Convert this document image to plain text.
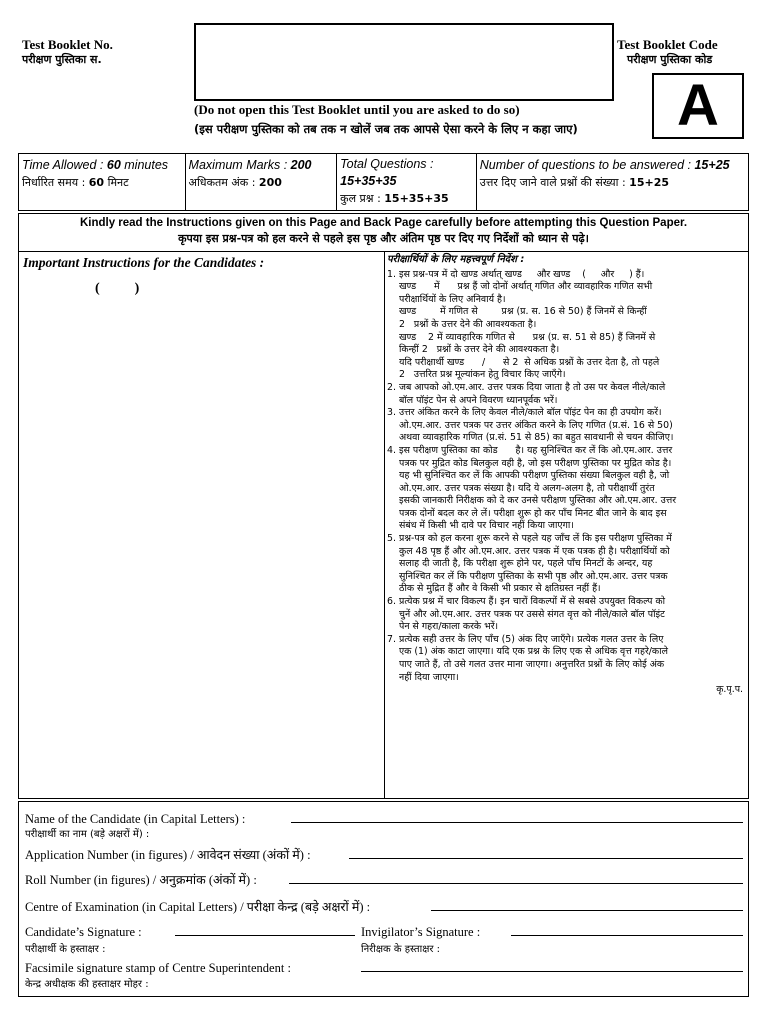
Test Booklet No.
परीक्षण पुस्तिका स.
Test Booklet Code
परीक्षण पुस्तिका कोड
A
(Do not open this Test Booklet until you are asked to do so)
(इस परीक्षण पुस्तिका को तब तक न खोलें जब तक आपसे ऐसा करने के लिए न कहा जाए)
Time Allowed : 60 minutes
निर्धारित समय : 60 मिनट
Maximum Marks : 200
अधिकतम अंक : 200
Total Questions :
15+35+35
कुल प्रश्न : 15+35+35
Number of questions to be answered : 15+25
उत्तर दिए जाने वाले प्रश्नों की संख्या : 15+25
Kindly read the Instructions given on this Page and Back Page carefully before attempting this Question Paper.
कृपया इस प्रश्न-पत्र को हल करने से पहले इस पृष्ठ और अंतिम पृष्ठ पर दिए गए निर्देशों को ध्यान से पढ़े।
Important Instructions for the Candidates :
(          )
परीक्षार्थियों के लिए महत्त्वपूर्ण निर्देश :
1. इस प्रश्न-पत्र में दो खण्ड अर्थात् खण्ड     और खण्ड    (     और     ) हैं।
खण्ड      में      प्रश्न हैं जो दोनों अर्थात् गणित और व्यावहारिक गणित सभी
परीक्षार्थियों के लिए अनिवार्य है।
खण्ड        में गणित से        प्रश्न (प्र. स. 16 से 50) हैं जिनमें से किन्हीं
2   प्रश्नों के उत्तर देने की आवश्यकता है।
खण्ड    2 में व्यावहारिक गणित से      प्रश्न (प्र. स. 51 से 85) हैं जिनमें से
किन्हीं 2   प्रश्नों के उत्तर देने की आवश्यकता है।
यदि परीक्षार्थी खण्ड      /      से 2  से अधिक प्रश्नों के उत्तर देता है, तो पहले
2   उत्तरित प्रश्न मूल्यांकन हेतु विचार किए जाएँगे।
2. जब आपको ओ.एम.आर. उत्तर पत्रक दिया जाता है तो उस पर केवल नीले/काले
बॉल पॉइंट पेन से अपने विवरण ध्यानपूर्वक भरें।
3. उत्तर अंकित करने के लिए केवल नीले/काले बॉल पॉइंट पेन का ही उपयोग करें।
ओ.एम.आर. उत्तर पत्रक पर उत्तर अंकित करने के लिए गणित (प्र.सं. 16 से 50)
अथवा व्यावहारिक गणित (प्र.सं. 51 से 85) का बहुत सावधानी से चयन कीजिए।
4. इस परीक्षण पुस्तिका का कोड      है। यह सुनिश्चित कर लें कि ओ.एम.आर. उत्तर
पत्रक पर मुद्रित कोड बिलकुल वही है, जो इस परीक्षण पुस्तिका पर मुद्रित कोड है।
यह भी सुनिश्चित कर लें कि आपकी परीक्षण पुस्तिका संख्या बिलकुल वही है, जो
ओ.एम.आर. उत्तर पत्रक संख्या है। यदि ये अलग-अलग है, तो परीक्षार्थी तुरंत
इसकी जानकारी निरीक्षक को दे कर उनसे परीक्षण पुस्तिका और ओ.एम.आर. उत्तर
पत्रक दोनों बदल कर ले लें। परीक्षा शुरू हो कर पाँच मिनट बीत जाने के बाद इस
संबंध में किसी भी दावे पर विचार नहीं किया जाएगा।
5. प्रश्न-पत्र को हल करना शुरू करने से पहले यह जाँच लें कि इस परीक्षण पुस्तिका में
कुल 48 पृष्ठ हैं और ओ.एम.आर. उत्तर पत्रक में एक पत्रक ही है। परीक्षार्थियों को
सलाह दी जाती है, कि परीक्षा शुरू होने पर, पहले पाँच मिनटों के अन्दर, यह
सुनिश्चित कर लें कि परीक्षण पुस्तिका के सभी पृष्ठ और ओ.एम.आर. उत्तर पत्रक
ठीक से मुद्रित हैं और वे किसी भी प्रकार से क्षतिग्रस्त नहीं हैं।
6. प्रत्येक प्रश्न में चार विकल्प हैं। इन चारों विकल्पों में से सबसे उपयुक्त विकल्प को
चुनें और ओ.एम.आर. उत्तर पत्रक पर उससे संगत वृत्त को नीले/काले बॉल पॉइंट
पेन से गहरा/काला करके भरें।
7. प्रत्येक सही उत्तर के लिए पाँच (5) अंक दिए जाएँगे। प्रत्येक गलत उत्तर के लिए
एक (1) अंक काटा जाएगा। यदि एक प्रश्न के लिए एक से अधिक वृत्त गहरे/काले
पाए जाते हैं, तो उसे गलत उत्तर माना जाएगा। अनुत्तरित प्रश्नों के लिए कोई अंक
नहीं दिया जाएगा।
कृ.पृ.प.
Name of the Candidate (in Capital Letters) :
परीक्षार्थी का नाम (बड़े अक्षरों में) :
Application Number (in figures) / आवेदन संख्या (अंकों में) :
Roll Number (in figures) / अनुक्रमांक (अंकों में) :
Centre of Examination (in Capital Letters) / परीक्षा केन्द्र (बड़े अक्षरों में) :
Candidate’s Signature :
परीक्षार्थी के हस्ताक्षर :
Invigilator’s Signature :
निरीक्षक के हस्ताक्षर :
Facsimile signature stamp of Centre Superintendent :
केन्द्र अधीक्षक की हस्ताक्षर मोहर :
